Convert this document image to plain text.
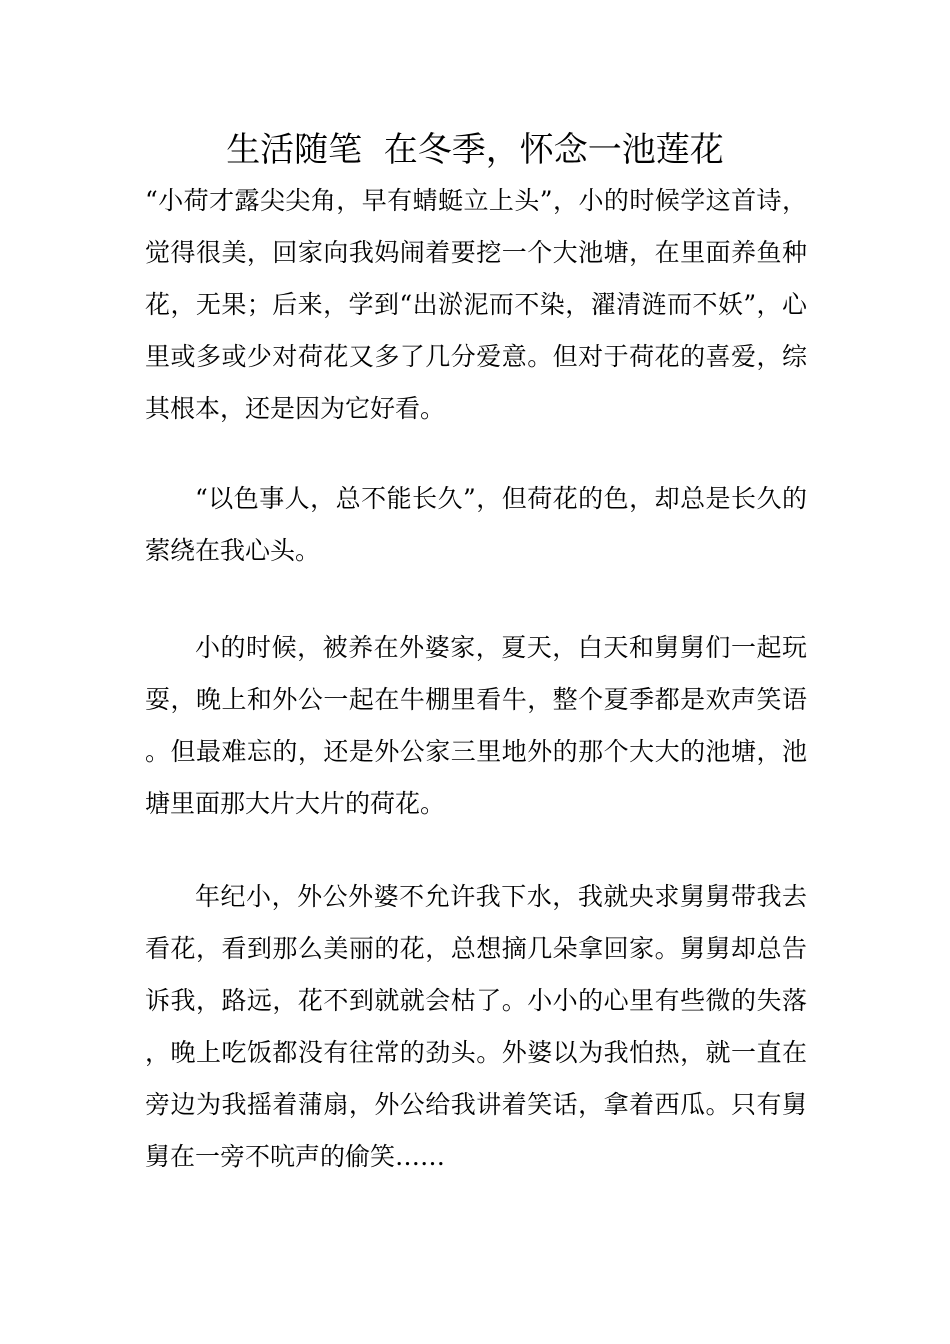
生活随笔  在冬季，怀念一池莲花

“小荷才露尖尖角，早有蜻蜓立上头”，小的时候学这首诗，觉得很美，回家向我妈闹着要挖一个大池塘，在里面养鱼种花，无果；后来，学到“出淤泥而不染，濯清涟而不妖”，心里或多或少对荷花又多了几分爱意。但对于荷花的喜爱，综其根本，还是因为它好看。

“以色事人，总不能长久”，但荷花的色，却总是长久的萦绕在我心头。

小的时候，被养在外婆家，夏天，白天和舅舅们一起玩耍，晚上和外公一起在牛棚里看牛，整个夏季都是欢声笑语。但最难忘的，还是外公家三里地外的那个大大的池塘，池塘里面那大片大片的荷花。

年纪小，外公外婆不允许我下水，我就央求舅舅带我去看花，看到那么美丽的花，总想摘几朵拿回家。舅舅却总告诉我，路远，花不到就就会枯了。小小的心里有些微的失落，晚上吃饭都没有往常的劲头。外婆以为我怕热，就一直在旁边为我摇着蒲扇，外公给我讲着笑话，拿着西瓜。只有舅舅在一旁不吭声的偷笑……
